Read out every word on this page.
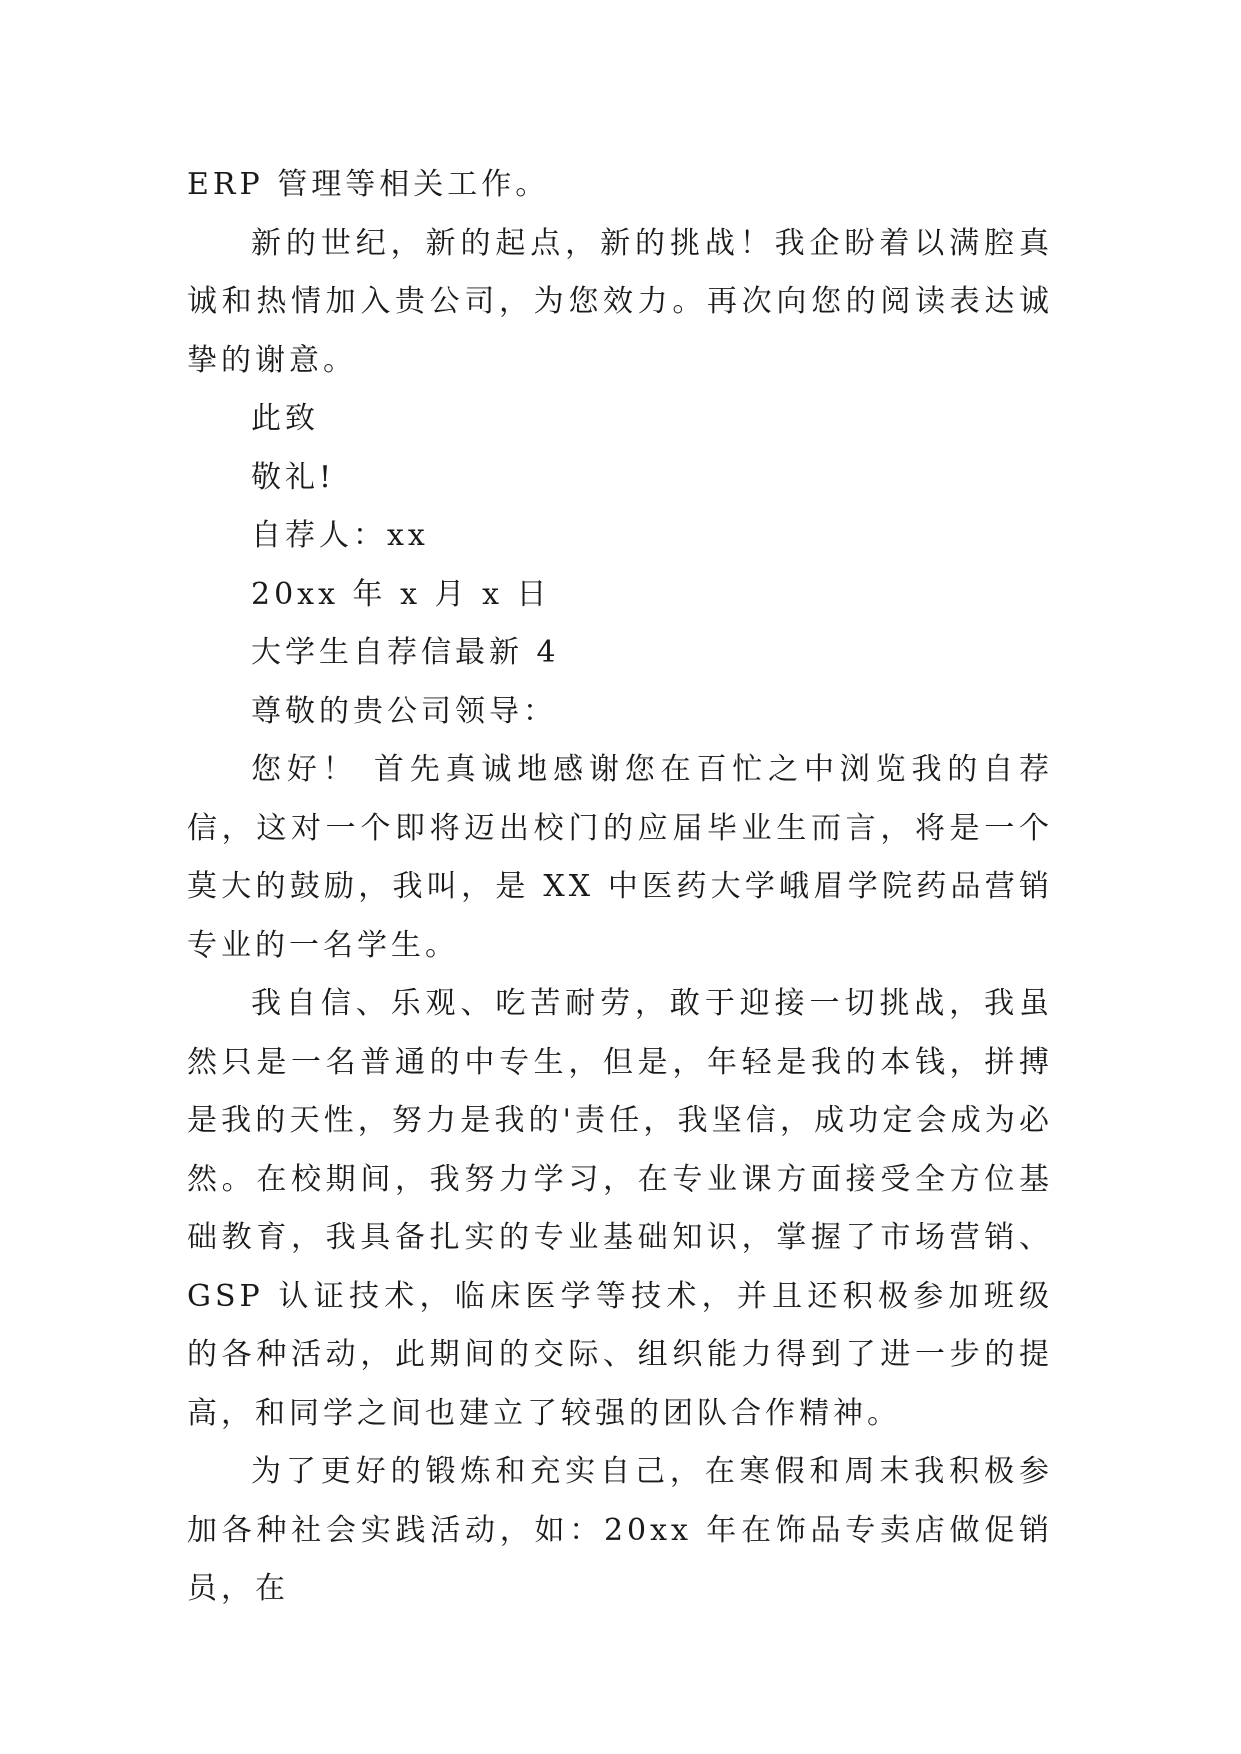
ERP 管理等相关工作。

新的世纪，新的起点，新的挑战！我企盼着以满腔真诚和热情加入贵公司，为您效力。再次向您的阅读表达诚挚的谢意。

此致

敬礼!

自荐人：xx

20xx 年 x 月 x 日

大学生自荐信最新 4

尊敬的贵公司领导：

您好！ 首先真诚地感谢您在百忙之中浏览我的自荐信，这对一个即将迈出校门的应届毕业生而言，将是一个莫大的鼓励，我叫，是 XX 中医药大学峨眉学院药品营销专业的一名学生。

我自信、乐观、吃苦耐劳，敢于迎接一切挑战，我虽然只是一名普通的中专生，但是，年轻是我的本钱，拼搏是我的天性，努力是我的'责任，我坚信，成功定会成为必然。在校期间，我努力学习，在专业课方面接受全方位基础教育，我具备扎实的专业基础知识，掌握了市场营销、GSP 认证技术，临床医学等技术，并且还积极参加班级的各种活动，此期间的交际、组织能力得到了进一步的提高，和同学之间也建立了较强的团队合作精神。

为了更好的锻炼和充实自己，在寒假和周末我积极参加各种社会实践活动，如：20xx 年在饰品专卖店做促销员，在
